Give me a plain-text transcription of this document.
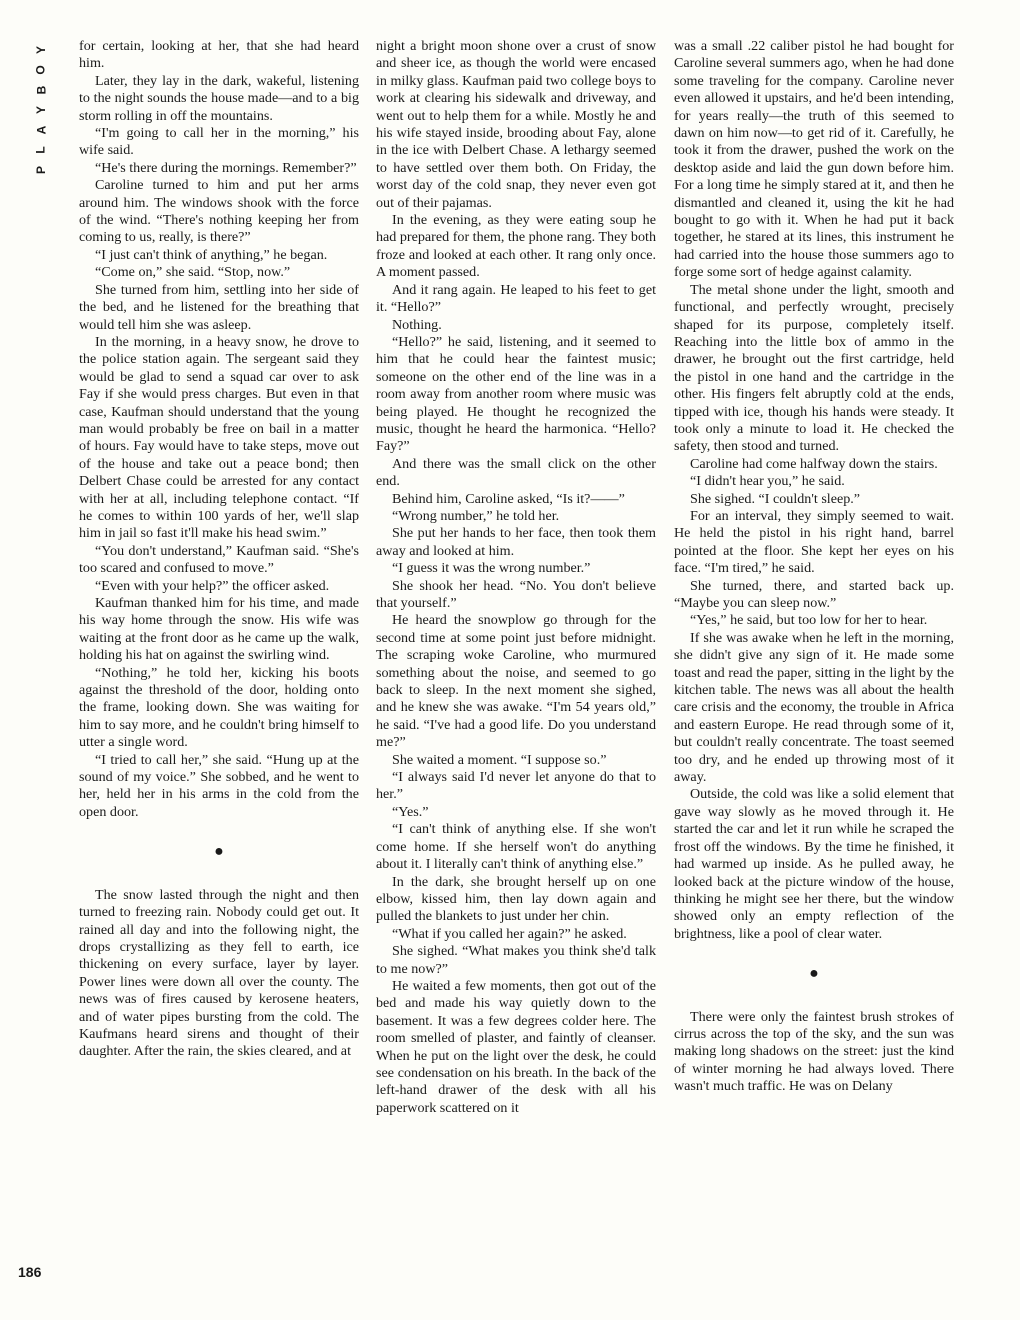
Y
O
B
Y
A
L
P
186

for certain, looking at her, that she had heard him.

Later, they lay in the dark, wakeful, listening to the night sounds the house made—and to a big storm rolling in off the mountains.

“I'm going to call her in the morning,” his wife said.

“He's there during the mornings. Remember?”

Caroline turned to him and put her arms around him. The windows shook with the force of the wind. “There's nothing keeping her from coming to us, really, is there?”

“I just can't think of anything,” he began.

“Come on,” she said. “Stop, now.”

She turned from him, settling into her side of the bed, and he listened for the breathing that would tell him she was asleep.

In the morning, in a heavy snow, he drove to the police station again. The sergeant said they would be glad to send a squad car over to ask Fay if she would press charges. But even in that case, Kaufman should understand that the young man would probably be free on bail in a matter of hours. Fay would have to take steps, move out of the house and take out a peace bond; then Delbert Chase could be arrested for any contact with her at all, including telephone contact. “If he comes to within 100 yards of her, we'll slap him in jail so fast it'll make his head swim.”

“You don't understand,” Kaufman said. “She's too scared and confused to move.”

“Even with your help?” the officer asked.

Kaufman thanked him for his time, and made his way home through the snow. His wife was waiting at the front door as he came up the walk, holding his hat on against the swirling wind.

“Nothing,” he told her, kicking his boots against the threshold of the door, holding onto the frame, looking down. She was waiting for him to say more, and he couldn't bring himself to utter a single word.

“I tried to call her,” she said. “Hung up at the sound of my voice.” She sobbed, and he went to her, held her in his arms in the cold from the open door.

●

The snow lasted through the night and then turned to freezing rain. Nobody could get out. It rained all day and into the following night, the drops crystallizing as they fell to earth, ice thickening on every surface, layer by layer. Power lines were down all over the county. The news was of fires caused by kerosene heaters, and of water pipes bursting from the cold. The Kaufmans heard sirens and thought of their daughter. After the rain, the skies cleared, and at

night a bright moon shone over a crust of snow and sheer ice, as though the world were encased in milky glass. Kaufman paid two college boys to work at clearing his sidewalk and driveway, and went out to help them for a while. Mostly he and his wife stayed inside, brooding about Fay, alone in the ice with Delbert Chase. A lethargy seemed to have settled over them both. On Friday, the worst day of the cold snap, they never even got out of their pajamas.

In the evening, as they were eating soup he had prepared for them, the phone rang. They both froze and looked at each other. It rang only once. A moment passed.

And it rang again. He leaped to his feet to get it. “Hello?”

Nothing.

“Hello?” he said, listening, and it seemed to him that he could hear the faintest music; someone on the other end of the line was in a room away from another room where music was being played. He thought he recognized the music, thought he heard the harmonica. “Hello? Fay?”

And there was the small click on the other end.

Behind him, Caroline asked, “Is it?——”

“Wrong number,” he told her.

She put her hands to her face, then took them away and looked at him.

“I guess it was the wrong number.”

She shook her head. “No. You don't believe that yourself.”

He heard the snowplow go through for the second time at some point just before midnight. The scraping woke Caroline, who murmured something about the noise, and seemed to go back to sleep. In the next moment she sighed, and he knew she was awake. “I'm 54 years old,” he said. “I've had a good life. Do you understand me?”

She waited a moment. “I suppose so.”

“I always said I'd never let anyone do that to her.”

“Yes.”

“I can't think of anything else. If she won't come home. If she herself won't do anything about it. I literally can't think of anything else.”

In the dark, she brought herself up on one elbow, kissed him, then lay down again and pulled the blankets to just under her chin.

“What if you called her again?” he asked.

She sighed. “What makes you think she'd talk to me now?”

He waited a few moments, then got out of the bed and made his way quietly down to the basement. It was a few degrees colder here. The room smelled of plaster, and faintly of cleanser. When he put on the light over the desk, he could see condensation on his breath. In the back of the left-hand drawer of the desk with all his paperwork scattered on it

was a small .22 caliber pistol he had bought for Caroline several summers ago, when he had done some traveling for the company. Caroline never even allowed it upstairs, and he'd been intending, for years really—the truth of this seemed to dawn on him now—to get rid of it. Carefully, he took it from the drawer, pushed the work on the desktop aside and laid the gun down before him. For a long time he simply stared at it, and then he dismantled and cleaned it, using the kit he had bought to go with it. When he had put it back together, he stared at its lines, this instrument he had carried into the house those summers ago to forge some sort of hedge against calamity.

The metal shone under the light, smooth and functional, and perfectly wrought, precisely shaped for its purpose, completely itself. Reaching into the little box of ammo in the drawer, he brought out the first cartridge, held the pistol in one hand and the cartridge in the other. His fingers felt abruptly cold at the ends, tipped with ice, though his hands were steady. It took only a minute to load it. He checked the safety, then stood and turned.

Caroline had come halfway down the stairs.

“I didn't hear you,” he said.

She sighed. “I couldn't sleep.”

For an interval, they simply seemed to wait. He held the pistol in his right hand, barrel pointed at the floor. She kept her eyes on his face. “I'm tired,” he said.

She turned, there, and started back up. “Maybe you can sleep now.”

“Yes,” he said, but too low for her to hear.

If she was awake when he left in the morning, she didn't give any sign of it. He made some toast and read the paper, sitting in the light by the kitchen table. The news was all about the health care crisis and the economy, the trouble in Africa and eastern Europe. He read through some of it, but couldn't really concentrate. The toast seemed too dry, and he ended up throwing most of it away.

Outside, the cold was like a solid element that gave way slowly as he moved through it. He started the car and let it run while he scraped the frost off the windows. By the time he finished, it had warmed up inside. As he pulled away, he looked back at the picture window of the house, thinking he might see her there, but the window showed only an empty reflection of the brightness, like a pool of clear water.

●

There were only the faintest brush strokes of cirrus across the top of the sky, and the sun was making long shadows on the street: just the kind of winter morning he had always loved. There wasn't much traffic. He was on Delany
